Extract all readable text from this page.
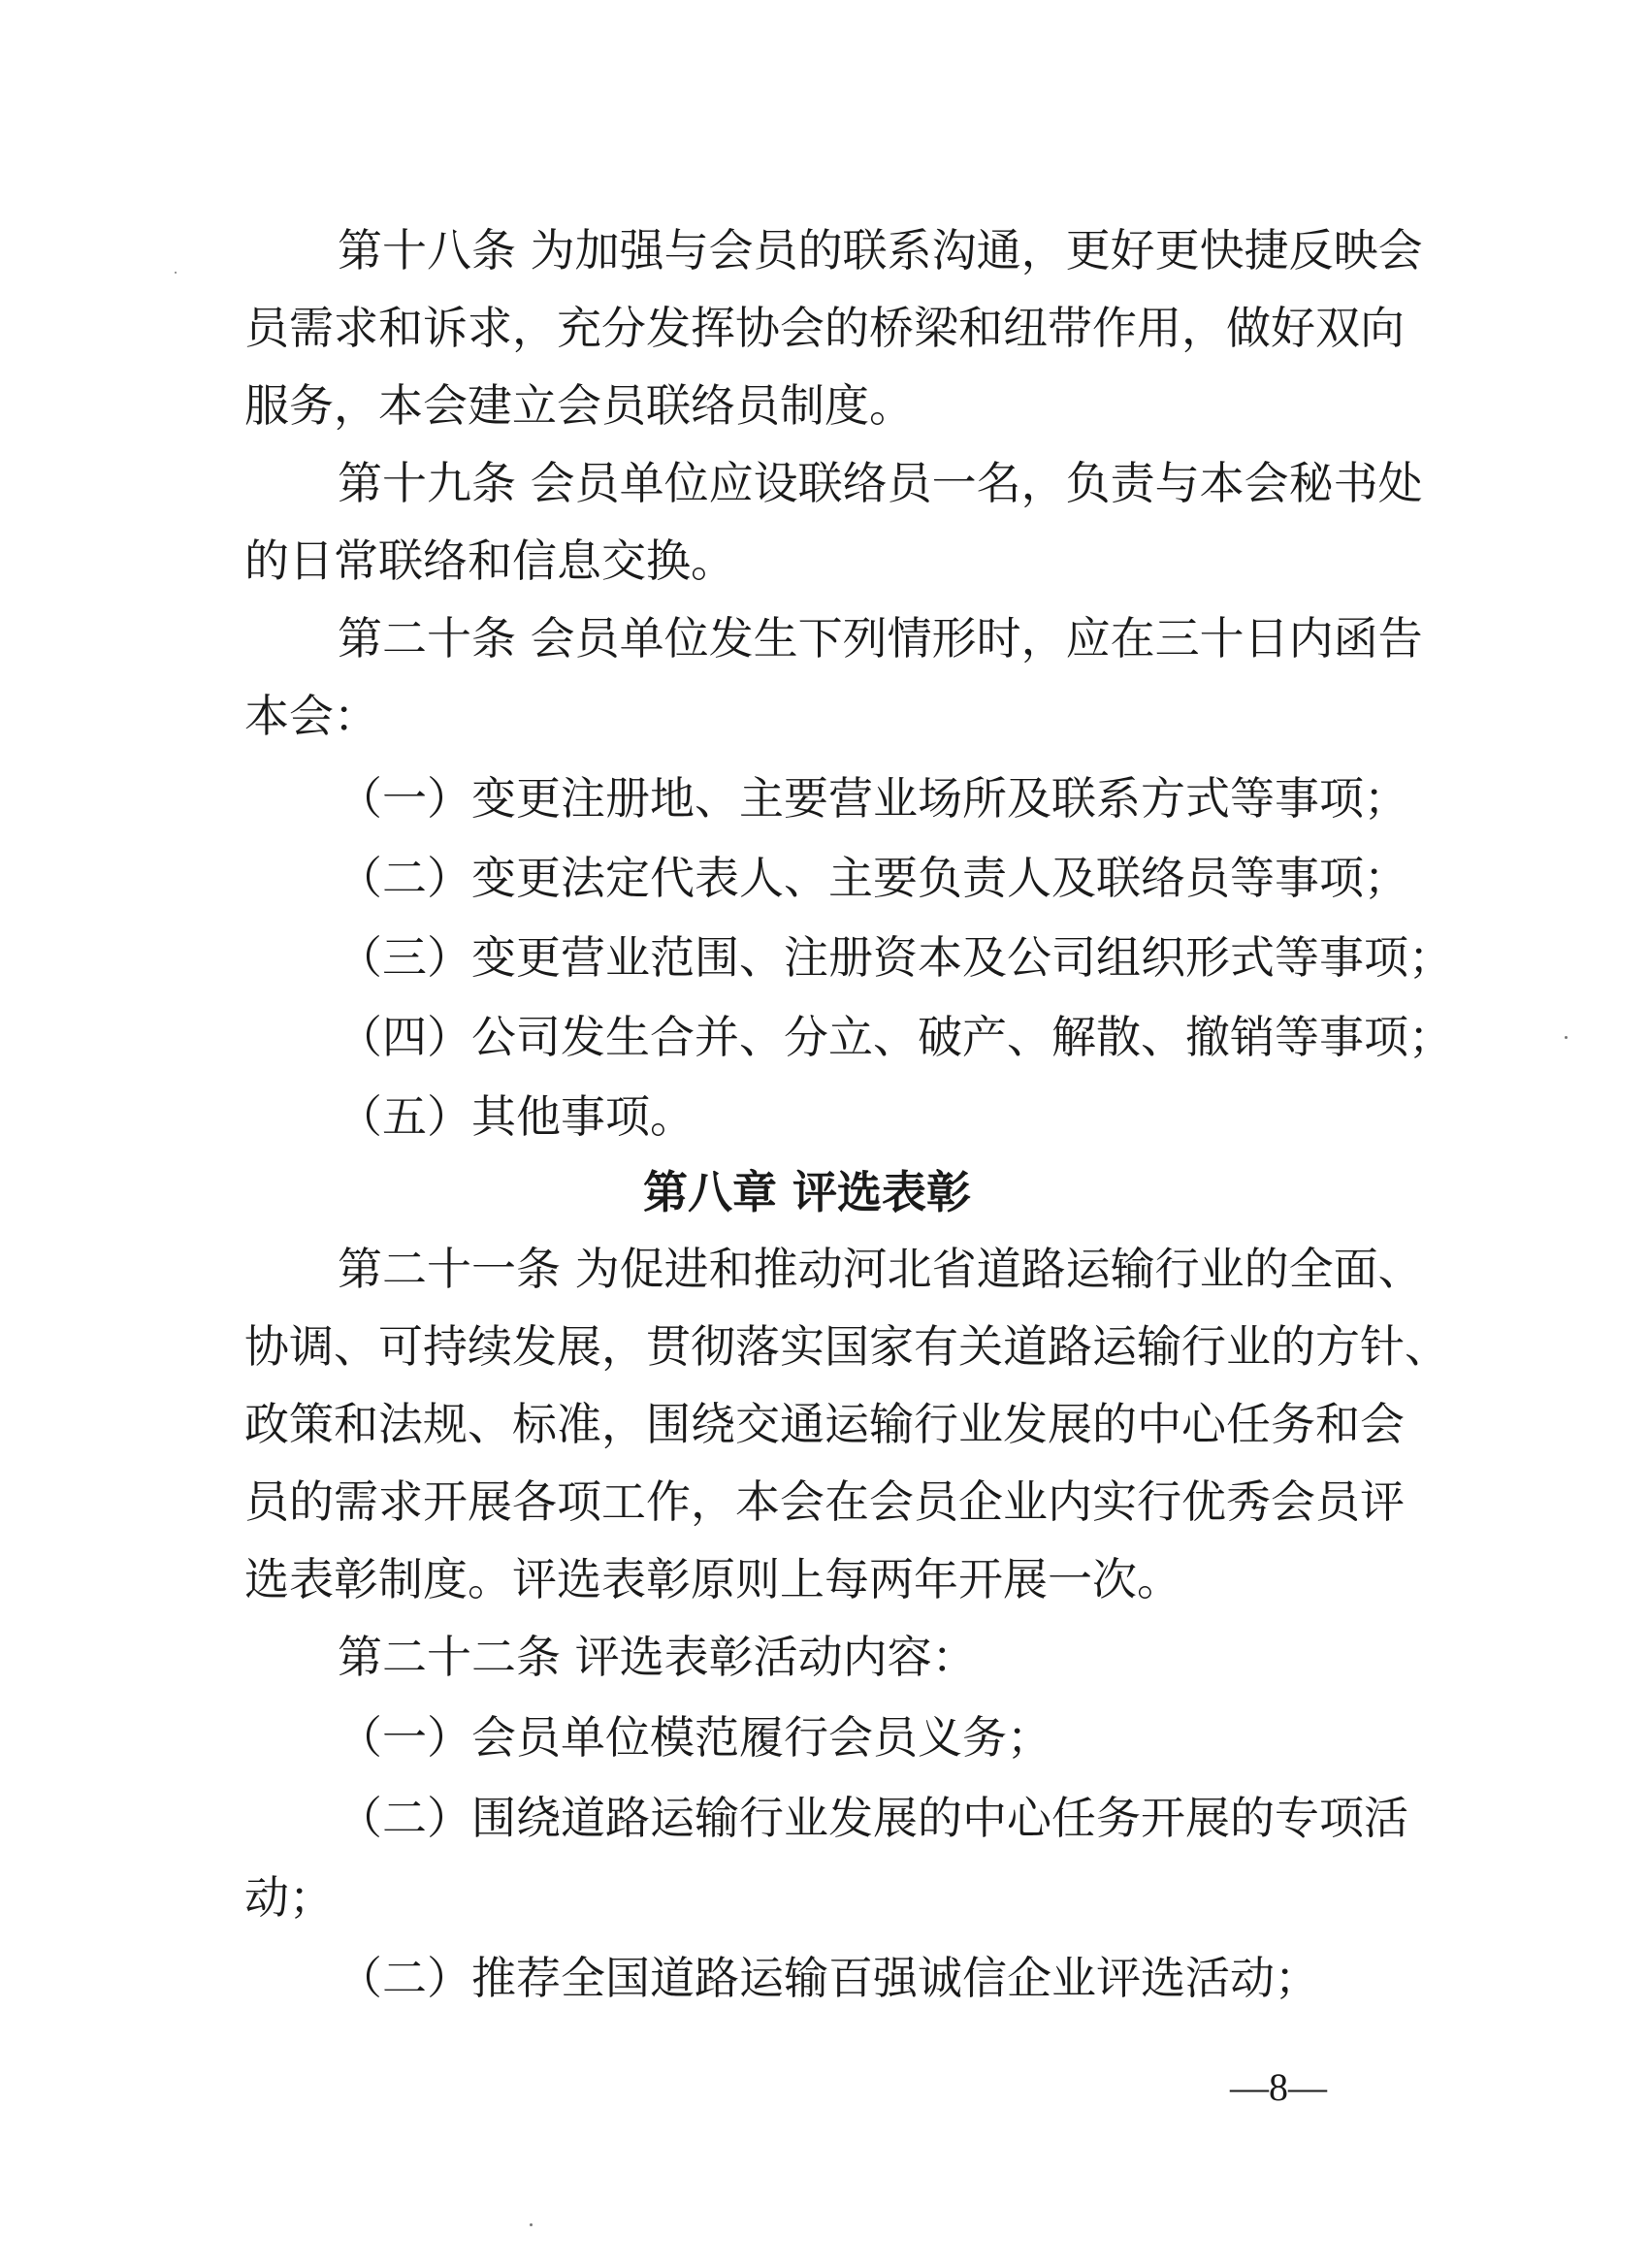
第十八条 为加强与会员的联系沟通，更好更快捷反映会
员需求和诉求，充分发挥协会的桥梁和纽带作用，做好双向
服务，本会建立会员联络员制度。
第十九条 会员单位应设联络员一名，负责与本会秘书处
的日常联络和信息交换。
第二十条 会员单位发生下列情形时，应在三十日内函告
本会：
（一）变更注册地、主要营业场所及联系方式等事项；
（二）变更法定代表人、主要负责人及联络员等事项；
（三）变更营业范围、注册资本及公司组织形式等事项；
（四）公司发生合并、分立、破产、解散、撤销等事项；
（五）其他事项。
第八章 评选表彰
第二十一条 为促进和推动河北省道路运输行业的全面、
协调、可持续发展，贯彻落实国家有关道路运输行业的方针、
政策和法规、标准，围绕交通运输行业发展的中心任务和会
员的需求开展各项工作，本会在会员企业内实行优秀会员评
选表彰制度。评选表彰原则上每两年开展一次。
第二十二条 评选表彰活动内容：
（一）会员单位模范履行会员义务；
（二）围绕道路运输行业发展的中心任务开展的专项活
动；
（二）推荐全国道路运输百强诚信企业评选活动；
—8—
